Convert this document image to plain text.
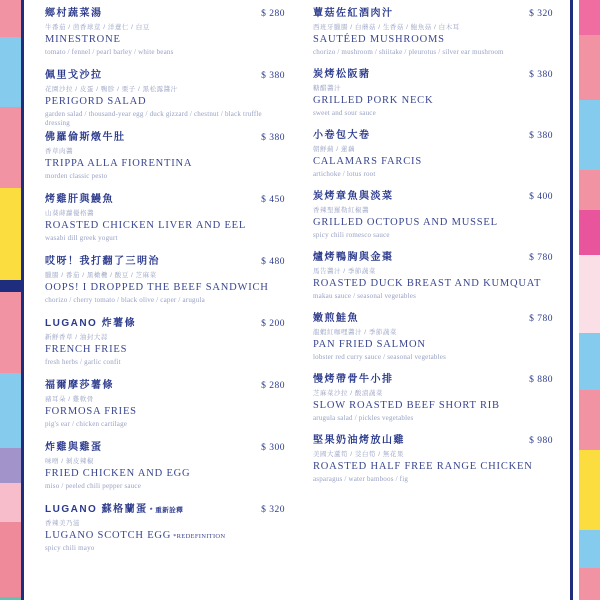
鄉村蔬菜湯	$ 280
牛番茄 / 茴香球莖 / 洋薏仁 / 白豆
MINESTRONE
tomato / fennel / pearl barley / white beans
佩里戈沙拉	$ 380
花園沙拉 / 皮蛋 / 鴨胗 / 栗子 / 黑松露醬汁
PERIGORD SALAD
garden salad / thousand-year egg / duck gizzard / chestnut / black truffle dressing
佛羅倫斯燉牛肚	$ 380
香草肉醬
TRIPPA ALLA FIORENTINA
morden classic pesto
烤雞肝與鰻魚	$ 450
山葵蒔蘿優格醬
ROASTED CHICKEN LIVER AND EEL
wasabi dill greek yogurt
哎呀！我打翻了三明治	$ 480
臘腸 / 番茄 / 黑橄欖 / 酸豆 / 芝麻菜
OOPS! I DROPPED THE BEEF SANDWICH
chorizo / cherry tomato / black olive / caper / arugula
LUGANO 炸薯條	$ 200
新鮮香草 / 油封大蒜
FRENCH FRIES
fresh herbs / garlic confit
福爾摩莎薯條	$ 280
豬耳朵 / 雞軟骨
FORMOSA FRIES
pig's ear / chicken cartilage
炸雞與雞蛋	$ 300
味噌 / 剝皮辣椒
FRIED CHICKEN AND EGG
miso / peeled chili pepper sauce
LUGANO 蘇格蘭蛋 * 重新詮釋	$ 320
香辣美乃滋
LUGANO SCOTCH EGG *REDEFINITION
spicy chili mayo
蕈菇佐紅酒肉汁	$ 320
西班牙臘腸 / 白蘑菇 / 生香菇 / 鮑魚菇 / 白木耳
SAUTÉED MUSHROOMS
chorizo / mushroom / shiitake / pleurotus / silver ear mushroom
炭烤松阪豬	$ 380
糖醋醬汁
GRILLED PORK NECK
sweet and sour sauce
小卷包大卷	$ 380
朝鮮薊 / 蓮藕
CALAMARS FARCIS
artichoke / lotus root
炭烤章魚與淡菜	$ 400
香辣聖羅勒紅椒醬
GRILLED OCTOPUS AND MUSSEL
spicy chili romesco sauce
爐烤鴨胸與金棗	$ 780
馬告醬汁 / 季節蔬菜
ROASTED DUCK BREAST AND KUMQUAT
makau sauce / seasonal vegetables
嫩煎鮭魚	$ 780
龍蝦紅咖哩醬汁 / 季節蔬菜
PAN FRIED SALMON
lobster red curry sauce / seasonal vegetables
慢烤帶骨牛小排	$ 880
芝麻菜沙拉 / 酸漬蔬菜
SLOW ROASTED BEEF SHORT RIB
arugula salad / pickles vegetables
堅果奶油烤放山雞	$ 980
美國大蘆筍 / 茭白筍 / 無花果
ROASTED HALF FREE RANGE CHICKEN
asparagus / water bamboos / fig
